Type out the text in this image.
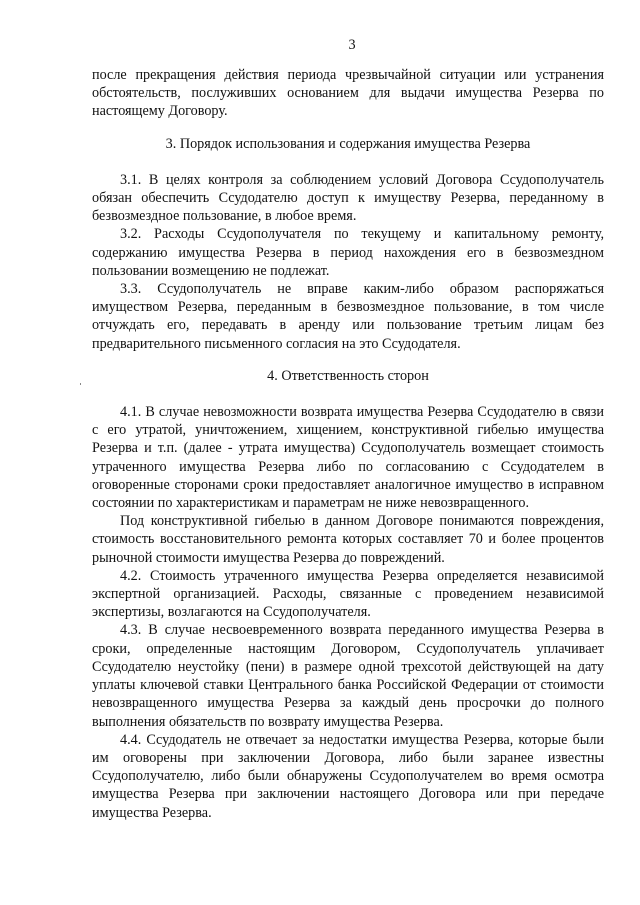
3

после прекращения действия периода чрезвычайной ситуации или устранения обстоятельств, послуживших основанием для выдачи имущества Резерва по настоящему Договору.

3. Порядок использования и содержания имущества Резерва

3.1. В целях контроля за соблюдением условий Договора Ссудополучатель обязан обеспечить Ссудодателю доступ к имуществу Резерва, переданному в безвозмездное пользование, в любое время.

3.2. Расходы Ссудополучателя по текущему и капитальному ремонту, содержанию имущества Резерва в период нахождения его в безвозмездном пользовании возмещению не подлежат.

3.3. Ссудополучатель не вправе каким-либо образом распоряжаться имуществом Резерва, переданным в безвозмездное пользование, в том числе отчуждать его, передавать в аренду или пользование третьим лицам без предварительного письменного согласия на это Ссудодателя.

4. Ответственность сторон

4.1. В случае невозможности возврата имущества Резерва Ссудодателю в связи с его утратой, уничтожением, хищением, конструктивной гибелью имущества Резерва и т.п. (далее - утрата имущества) Ссудополучатель возмещает стоимость утраченного имущества Резерва либо по согласованию с Ссудодателем в оговоренные сторонами сроки предоставляет аналогичное имущество в исправном состоянии по характеристикам и параметрам не ниже невозвращенного.

Под конструктивной гибелью в данном Договоре понимаются повреждения, стоимость восстановительного ремонта которых составляет 70 и более процентов рыночной стоимости имущества Резерва до повреждений.

4.2. Стоимость утраченного имущества Резерва определяется независимой экспертной организацией. Расходы, связанные с проведением независимой экспертизы, возлагаются на Ссудополучателя.

4.3. В случае несвоевременного возврата переданного имущества Резерва в сроки, определенные настоящим Договором, Ссудополучатель уплачивает Ссудодателю неустойку (пени) в размере одной трехсотой действующей на дату уплаты ключевой ставки Центрального банка Российской Федерации от стоимости невозвращенного имущества Резерва за каждый день просрочки до полного выполнения обязательств по возврату имущества Резерва.

4.4. Ссудодатель не отвечает за недостатки имущества Резерва, которые были им оговорены при заключении Договора, либо были заранее известны Ссудополучателю, либо были обнаружены Ссудополучателем во время осмотра имущества Резерва при заключении настоящего Договора или при передаче имущества Резерва.
